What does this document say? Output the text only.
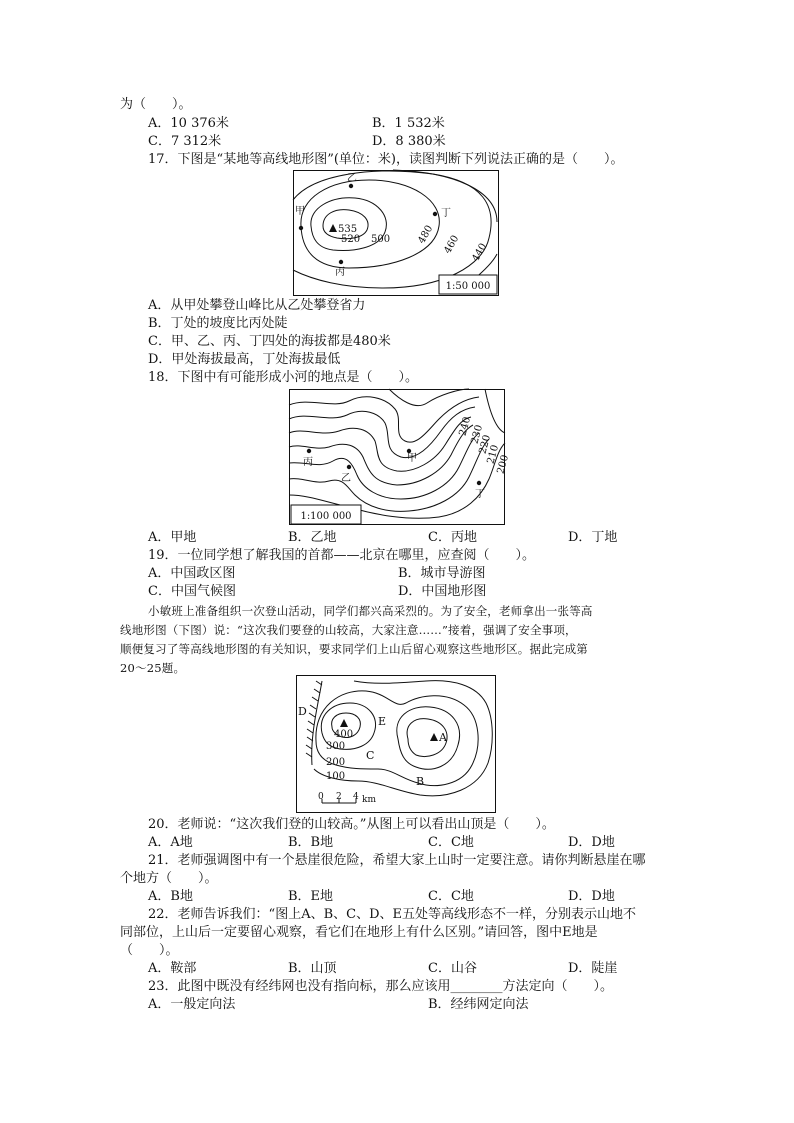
为（　　）。
A．10 376米	B．1 532米
C．7 312米	D．8 380米
17．下图是“某地等高线地形图”(单位：米)，读图判断下列说法正确的是（　　）。
1:50 000
535
520 500	480 460 440
甲
乙
丙
丁
A．从甲处攀登山峰比从乙处攀登省力
B．丁处的坡度比丙处陡
C．甲、乙、丙、丁四处的海拔都是480米
D．甲处海拔最高，丁处海拔最低
18．下图中有可能形成小河的地点是（　　）。
1:100 000
240
230
220
210
200
丙	甲
乙
丁
A．甲地	B．乙地	C．丙地	D．丁地
19．一位同学想了解我国的首都——北京在哪里，应查阅（　　）。
A．中国政区图	B．城市导游图
C．中国气候图	D．中国地形图
小敏班上准备组织一次登山活动，同学们都兴高采烈的。为了安全，老师拿出一张等高
线地形图（下图）说：“这次我们要登的山较高，大家注意……”接着，强调了安全事项，
顺便复习了等高线地形图的有关知识，要求同学们上山后留心观察这些地形区。据此完成第
20～25题。
D
E
A
B
C
400
300
200
100
0 2 4 km
20．老师说：“这次我们登的山较高。”从图上可以看出山顶是（　　）。
A．A地	B．B地	C．C地	D．D地
21．老师强调图中有一个悬崖很危险，希望大家上山时一定要注意。请你判断悬崖在哪
个地方（　　）。
A．B地	B．E地	C．C地	D．D地
22．老师告诉我们：“图上A、B、C、D、E五处等高线形态不一样，分别表示山地不
同部位，上山后一定要留心观察，看它们在地形上有什么区别。”请回答，图中E地是
（　　）。
A．鞍部	B．山顶	C．山谷	D．陡崖
23．此图中既没有经纬网也没有指向标，那么应该用________方法定向（　　）。
A．一般定向法	B．经纬网定向法
